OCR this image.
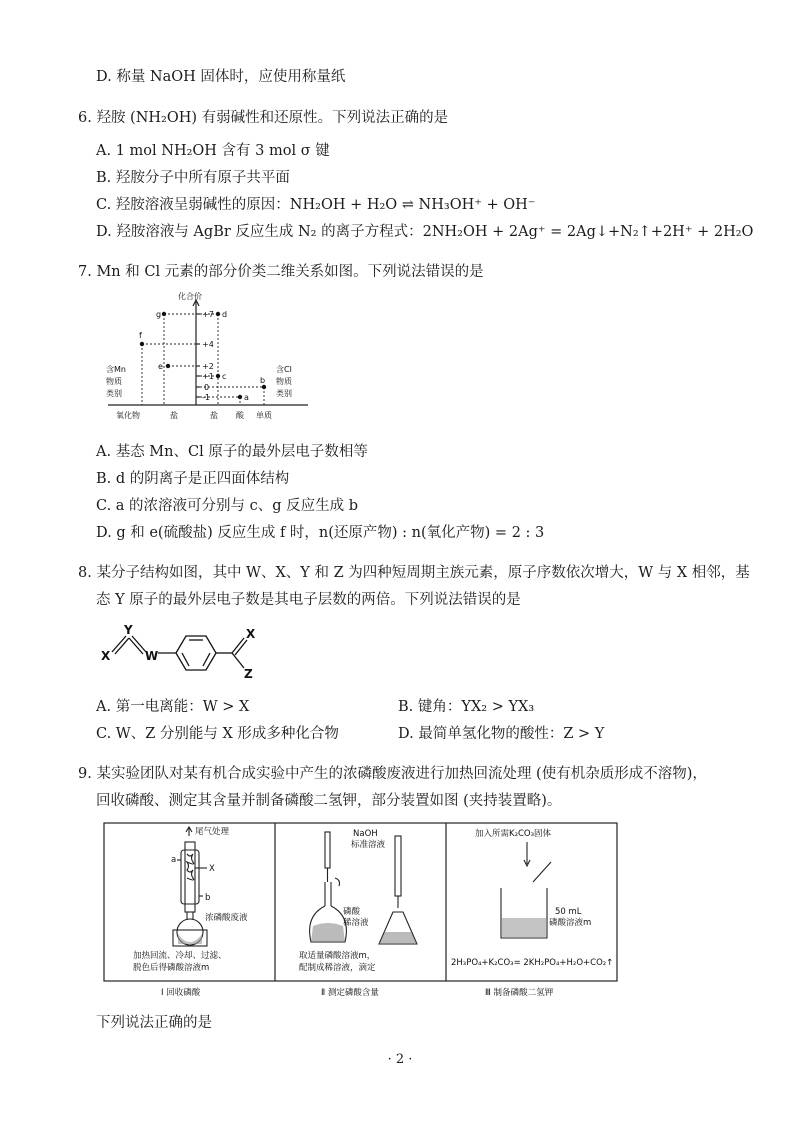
D. 称量 NaOH 固体时，应使用称量纸
6. 羟胺 (NH₂OH) 有弱碱性和还原性。下列说法正确的是
A. 1 mol NH₂OH 含有 3 mol σ 键
B. 羟胺分子中所有原子共平面
C. 羟胺溶液呈弱碱性的原因：NH₂OH + H₂O ⇌ NH₃OH⁺ + OH⁻
D. 羟胺溶液与 AgBr 反应生成 N₂ 的离子方程式：2NH₂OH + 2Ag⁺ = 2Ag↓+N₂↑+2H⁺ + 2H₂O
7. Mn 和 Cl 元素的部分价类二维关系如图。下列说法错误的是
化合价
+7
+4
+2
+1
0
-1
g	d
f
e
c	b
a
含Mn
物质
类别
含Cl
物质
类别
氧化物	盐	盐 酸 单质
A. 基态 Mn、Cl 原子的最外层电子数相等
B. d 的阴离子是正四面体结构
C. a 的浓溶液可分别与 c、g 反应生成 b
D. g 和 e(硫酸盐) 反应生成 f 时，n(还原产物) : n(氧化产物) = 2 : 3
8. 某分子结构如图，其中 W、X、Y 和 Z 为四种短周期主族元素，原子序数依次增大，W 与 X 相邻，基
态 Y 原子的最外层电子数是其电子层数的两倍。下列说法错误的是
X
Y
W
X
Z
A. 第一电离能：W > X	B. 键角：YX₂ > YX₃
C. W、Z 分别能与 X 形成多种化合物	D. 最简单氢化物的酸性：Z > Y
9. 某实验团队对某有机合成实验中产生的浓磷酸废液进行加热回流处理 (使有机杂质形成不溶物)，
回收磷酸、测定其含量并制备磷酸二氢钾，部分装置如图 (夹持装置略)。
尾气处理
a
X
b
浓磷酸废液
加热回流、冷却、过滤、
脱色后得磷酸溶液m
Ⅰ 回收磷酸
NaOH
标准溶液
磷酸
稀溶液
取适量磷酸溶液m，
配制成稀溶液，滴定
Ⅱ 测定磷酸含量
加入所需K₂CO₃固体
50 mL
磷酸溶液m
2H₃PO₄+K₂CO₃= 2KH₂PO₄+H₂O+CO₂↑
Ⅲ 制备磷酸二氢钾
下列说法正确的是
· 2 ·
